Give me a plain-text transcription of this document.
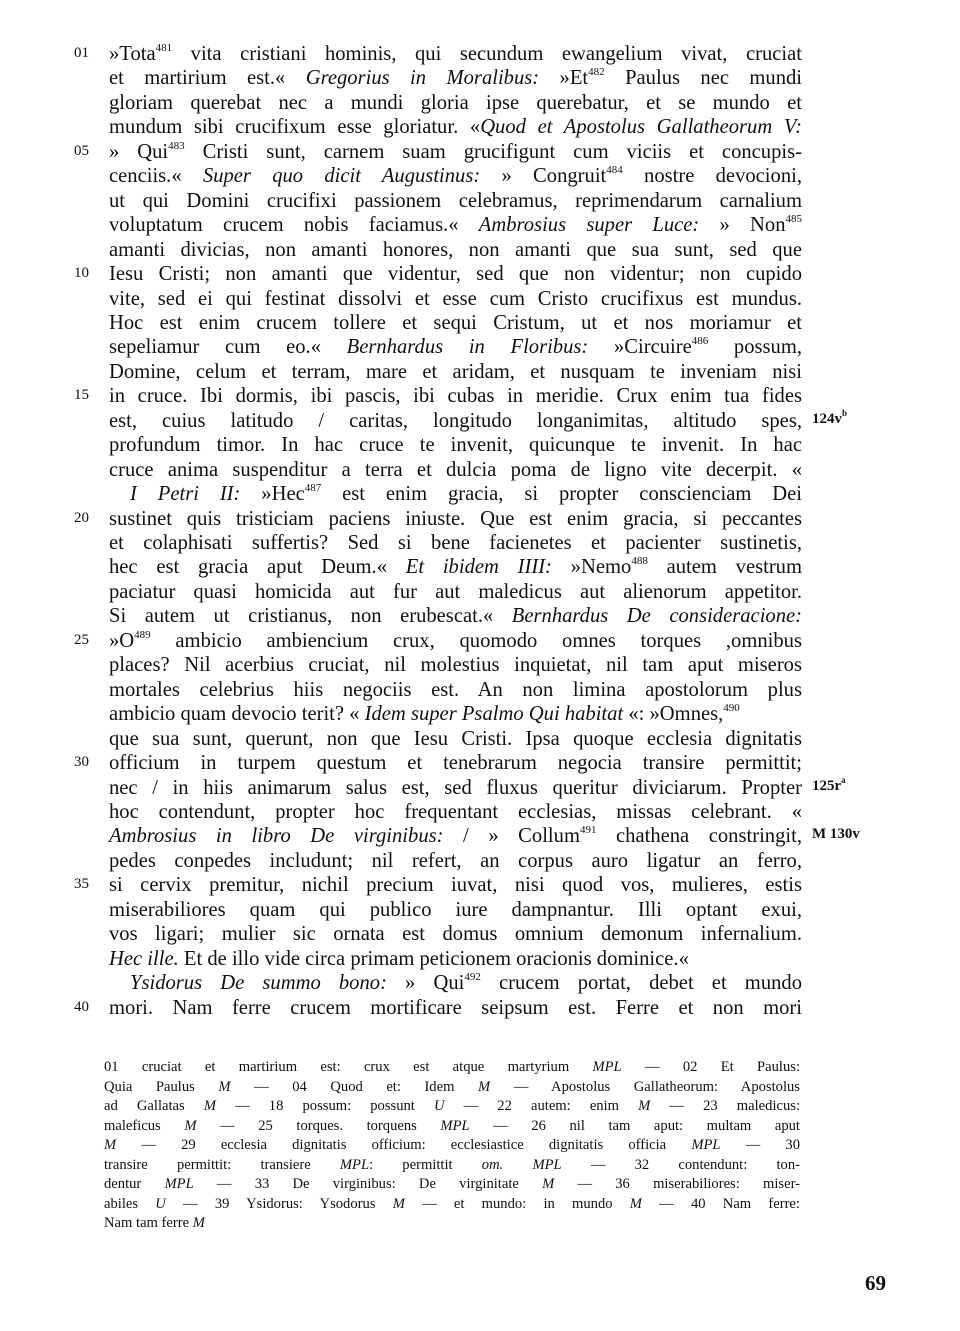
01 »Tota$^{481}$ vita cristiani hominis, qui secundum ewangelium vivat, cruciat
et martirium est.« Gregorius in Moralibus: »Et$^{482}$ Paulus nec mundi
gloriam querebat nec a mundi gloria ipse querebatur, et se mundo et
mundum sibi crucifixum esse gloriatur. «Quod et Apostolus Gallatheorum V:
05 » Qui$^{483}$ Cristi sunt, carnem suam grucifigunt cum viciis et concupis-
cenciis.« Super quo dicit Augustinus: » Congruit$^{484}$ nostre devocioni,
ut qui Domini crucifixi passionem celebramus, reprimendarum carnalium
voluptatum crucem nobis faciamus.« Ambrosius super Luce: » Non$^{485}$
amanti divicias, non amanti honores, non amanti que sua sunt, sed que
10 Iesu Cristi; non amanti que videntur, sed que non videntur; non cupido
vite, sed ei qui festinat dissolvi et esse cum Cristo crucifixus est mundus.
Hoc est enim crucem tollere et sequi Cristum, ut et nos moriamur et
sepeliamur cum eo.« Bernhardus in Floribus: »Circuire$^{486}$ possum,
Domine, celum et terram, mare et aridam, et nusquam te inveniam nisi
15 in cruce. Ibi dormis, ibi pascis, ibi cubas in meridie. Crux enim tua fides
est, cuius latitudo / caritas, longitudo longanimitas, altitudo spes, $124v^b$
profundum timor. In hac cruce te invenit, quicunque te invenit. In hac
cruce anima suspenditur a terra et dulcia poma de ligno vite decerpit. «
I Petri II: »Hec$^{487}$ est enim gracia, si propter conscienciam Dei
20 sustinet quis tristiciam paciens iniuste. Que est enim gracia, si peccantes
et colaphisati suffertis? Sed si bene facienetes et pacienter sustinetis,
hec est gracia aput Deum.« Et ibidem IIII: »Nemo$^{488}$ autem vestrum
paciatur quasi homicida aut fur aut maledicus aut alienorum appetitor.
Si autem ut cristianus, non erubescat.« Bernhardus De consideracione:
25 $»O^{489}$ ambicio ambiencium crux, quomodo omnes torques ,omnibus
places? Nil acerbius cruciat, nil molestius inquietat, nil tam aput miseros
mortales celebrius hiis negociis est. An non limina apostolorum plus
ambicio quam devocio terit? « Idem super Psalmo Qui habitat «: »Omnes,$^{490}$
que sua sunt, querunt, non que Iesu Cristi. Ipsa quoque ecclesia dignitatis
30 officium in turpem questum et tenebrarum negocia transire permittit;
nec / in hiis animarum salus est, sed fluxus queritur diviciarum. Propter $125r^a$
hoc contendunt, propter hoc frequentant ecclesias, missas celebrant. «
Ambrosius in libro De virginibus: / » Collum$^{491}$ chathena constringit, M 130v
pedes conpedes includunt; nil refert, an corpus auro ligatur an ferro,
35 si cervix premitur, nichil precium iuvat, nisi quod vos, mulieres, estis
miserabiliores quam qui publico iure dampnantur. Illi optant exui,
vos ligari; mulier sic ornata est domus omnium demonum infernalium.
Hec ille. Et de illo vide circa primam peticionem oracionis dominice.«
Ysidorus De summo bono: » Qui$^{492}$ crucem portat, debet et mundo
40 mori. Nam ferre crucem mortificare seipsum est. Ferre et non mori
01 cruciat et martirium est: crux est atque martyrium MPL — 02 Et Paulus:
Quia Paulus M — 04 Quod et: Idem M — Apostolus Gallatheorum: Apostolus
ad Gallatas M — 18 possum: possunt U — 22 autem: enim M — 23 maledicus:
maleficus M — 25 torques. torquens MPL — 26 nil tam aput: multam aput
M — 29 ecclesia dignitatis officium: ecclesiastice dignitatis officia MPL — 30
transire permittit: transiere MPL: permittit om. MPL — 32 contendunt: ton-
dentur MPL — 33 De virginibus: De virginitate M — 36 miserabiliores: miser-
abiles U — 39 Ysidorus: Ysodorus M — et mundo: in mundo M — 40 Nam ferre:
Nam tam ferre M
69
